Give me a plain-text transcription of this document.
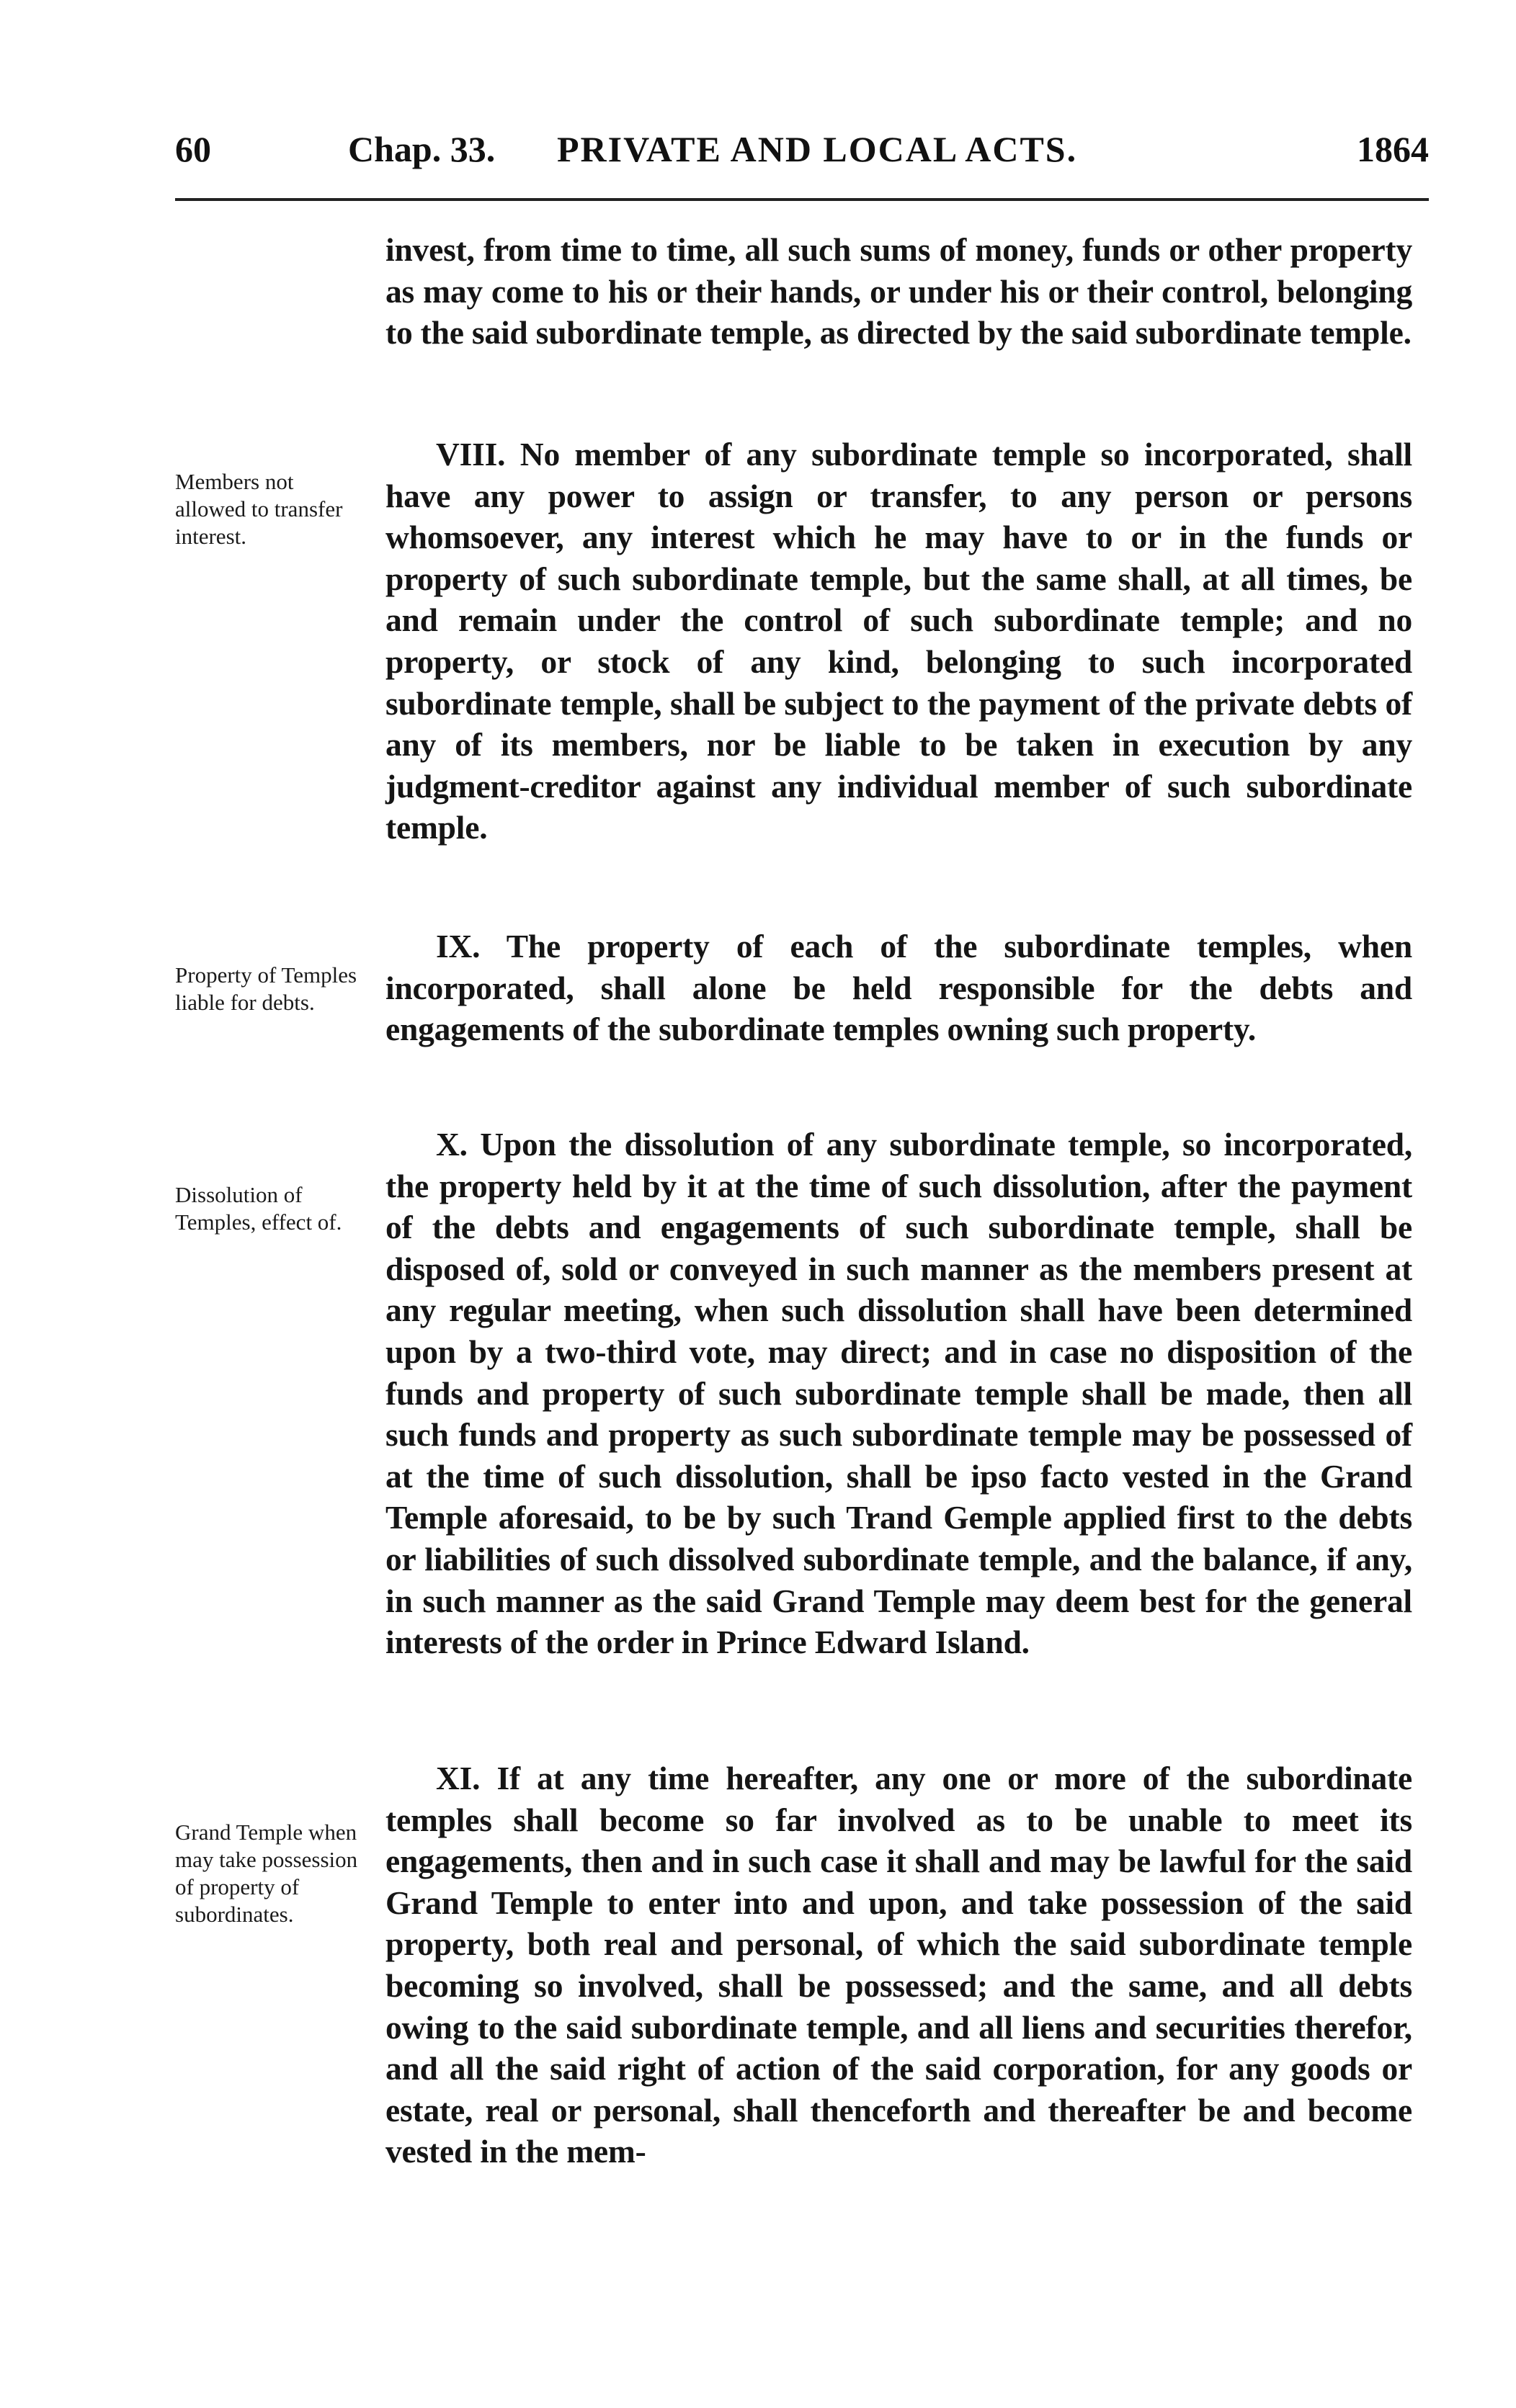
60	Chap. 33. PRIVATE AND LOCAL ACTS.	1864
Members not allowed to transfer interest.
Property of Temples liable for debts.
Dissolution of Temples, effect of.
Grand Temple when may take possession of property of subordinates.
invest, from time to time, all such sums of money, funds or other property as may come to his or their hands, or under his or their control, belonging to the said subordinate temple, as directed by the said subordinate temple.
VIII. No member of any subordinate temple so incorporated, shall have any power to assign or transfer, to any person or persons whomsoever, any interest which he may have to or in the funds or property of such subordinate temple, but the same shall, at all times, be and remain under the control of such subordinate temple; and no property, or stock of any kind, belonging to such incorporated subordinate temple, shall be subject to the payment of the private debts of any of its members, nor be liable to be taken in execution by any judgment-creditor against any individual member of such subordinate temple.
IX. The property of each of the subordinate temples, when incorporated, shall alone be held responsible for the debts and engagements of the subordinate temples owning such property.
X. Upon the dissolution of any subordinate temple, so incorporated, the property held by it at the time of such dissolution, after the payment of the debts and engagements of such subordinate temple, shall be disposed of, sold or conveyed in such manner as the members present at any regular meeting, when such dissolution shall have been determined upon by a two-third vote, may direct; and in case no disposition of the funds and property of such subordinate temple shall be made, then all such funds and property as such subordinate temple may be possessed of at the time of such dissolution, shall be ipso facto vested in the Grand Temple aforesaid, to be by such Trand Gemple applied first to the debts or liabilities of such dissolved subordinate temple, and the balance, if any, in such manner as the said Grand Temple may deem best for the general interests of the order in Prince Edward Island.
XI. If at any time hereafter, any one or more of the subordinate temples shall become so far involved as to be unable to meet its engagements, then and in such case it shall and may be lawful for the said Grand Temple to enter into and upon, and take possession of the said property, both real and personal, of which the said subordinate temple becoming so involved, shall be possessed; and the same, and all debts owing to the said subordinate temple, and all liens and securities therefor, and all the said right of action of the said corporation, for any goods or estate, real or personal, shall thenceforth and thereafter be and become vested in the mem-
